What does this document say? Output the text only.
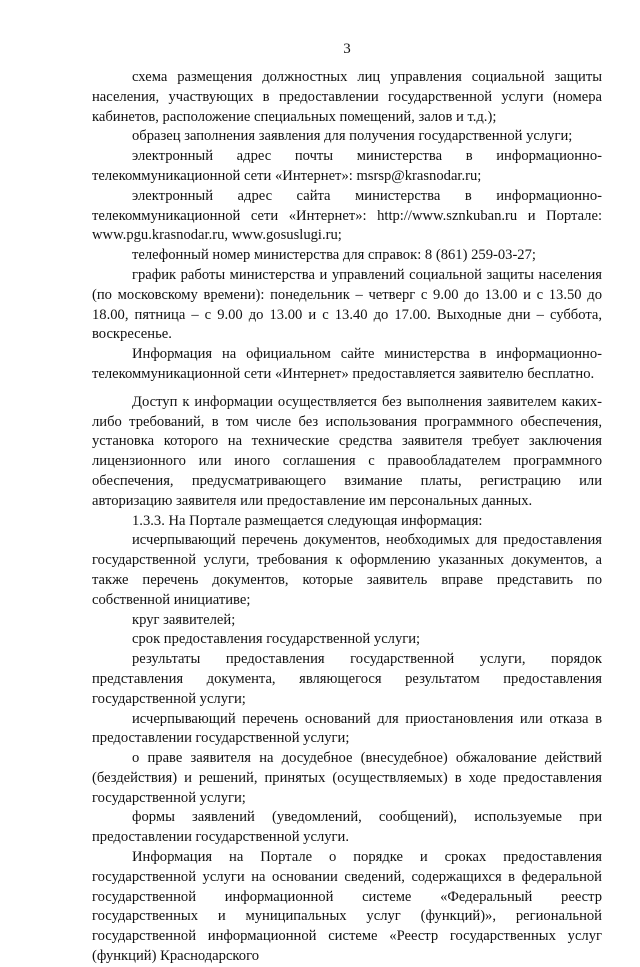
3

схема размещения должностных лиц управления социальной защиты населения, участвующих в предоставлении государственной услуги (номера кабинетов, расположение специальных помещений, залов и т.д.);

образец заполнения заявления для получения государственной услуги;

электронный адрес почты министерства в информационно-телекоммуникационной сети «Интернет»: msrsp@krasnodar.ru;

электронный адрес сайта министерства в информационно-телекоммуникационной сети «Интернет»: http://www.sznkuban.ru и Портале: www.pgu.krasnodar.ru, www.gosuslugi.ru;

телефонный номер министерства для справок: 8 (861) 259-03-27;

график работы министерства и управлений социальной защиты населения (по московскому времени): понедельник – четверг с 9.00 до 13.00 и с 13.50 до 18.00, пятница – с 9.00 до 13.00 и с 13.40 до 17.00. Выходные дни – суббота, воскресенье.

Информация на официальном сайте министерства в информационно-телекоммуникационной сети «Интернет» предоставляется заявителю бесплатно.

Доступ к информации осуществляется без выполнения заявителем каких-либо требований, в том числе без использования программного обеспечения, установка которого на технические средства заявителя требует заключения лицензионного или иного соглашения с правообладателем программного обеспечения, предусматривающего взимание платы, регистрацию или авторизацию заявителя или предоставление им персональных данных.

1.3.3. На Портале размещается следующая информация:

исчерпывающий перечень документов, необходимых для предоставления государственной услуги, требования к оформлению указанных документов, а также перечень документов, которые заявитель вправе представить по собственной инициативе;

круг заявителей;

срок предоставления государственной услуги;

результаты предоставления государственной услуги, порядок представления документа, являющегося результатом предоставления государственной услуги;

исчерпывающий перечень оснований для приостановления или отказа в предоставлении государственной услуги;

о праве заявителя на досудебное (внесудебное) обжалование действий (бездействия) и решений, принятых (осуществляемых) в ходе предоставления государственной услуги;

формы заявлений (уведомлений, сообщений), используемые при предоставлении государственной услуги.

Информация на Портале о порядке и сроках предоставления государственной услуги на основании сведений, содержащихся в федеральной государственной информационной системе «Федеральный реестр государственных и муниципальных услуг (функций)», региональной государственной информационной системе «Реестр государственных услуг (функций) Краснодарского
